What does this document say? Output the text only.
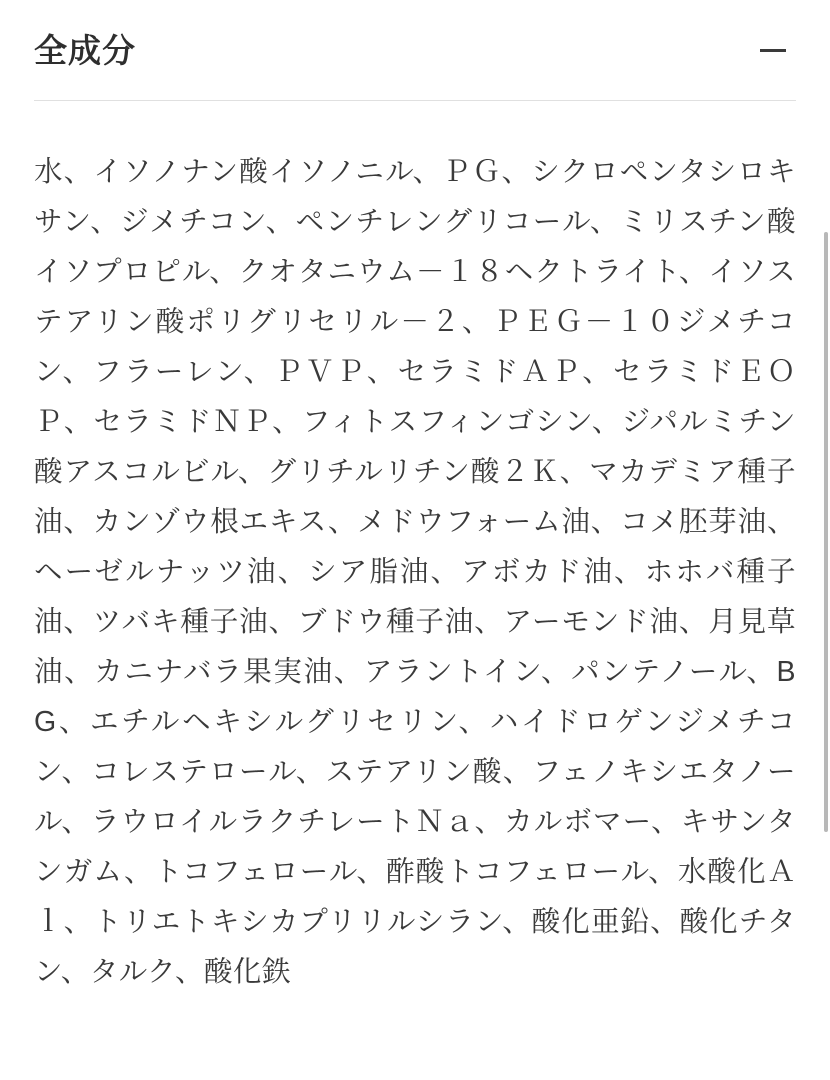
全成分

水、イソノナン酸イソノニル、ＰＧ、シクロペンタシロキサン、ジメチコン、ペンチレングリコール、ミリスチン酸イソプロピル、クオタニウム－１８ヘクトライト、イソステアリン酸ポリグリセリル－２、ＰＥＧ－１０ジメチコン、フラーレン、ＰＶＰ、セラミドＡＰ、セラミドＥＯＰ、セラミドＮＰ、フィトスフィンゴシン、ジパルミチン酸アスコルビル、グリチルリチン酸２Ｋ、マカデミア種子油、カンゾウ根エキス、メドウフォーム油、コメ胚芽油、ヘーゼルナッツ油、シア脂油、アボカド油、ホホバ種子油、ツバキ種子油、ブドウ種子油、アーモンド油、月見草油、カニナバラ果実油、アラントイン、パンテノール、BG、エチルヘキシルグリセリン、ハイドロゲンジメチコン、コレステロール、ステアリン酸、フェノキシエタノール、ラウロイルラクチレートＮａ、カルボマー、キサンタンガム、トコフェロール、酢酸トコフェロール、水酸化Ａｌ、トリエトキシカプリリルシラン、酸化亜鉛、酸化チタン、タルク、酸化鉄
